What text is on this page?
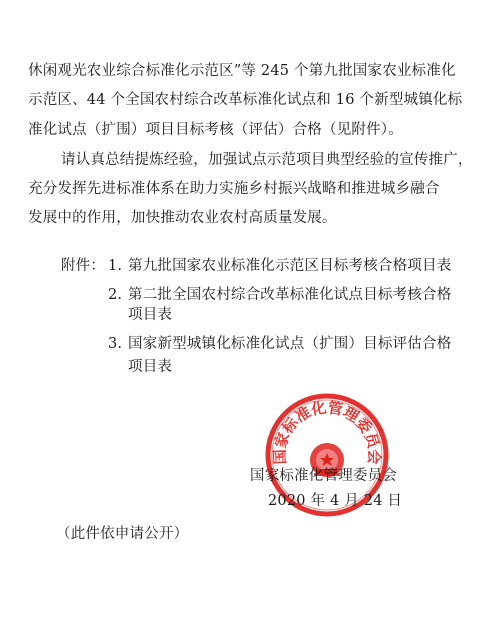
休闲观光农业综合标准化示范区”等 245 个第九批国家农业标准化
示范区、44 个全国农村综合改革标准化试点和 16 个新型城镇化标
准化试点（扩围）项目目标考核（评估）合格（见附件）。
请认真总结提炼经验，加强试点示范项目典型经验的宣传推广，
充分发挥先进标准体系在助力实施乡村振兴战略和推进城乡融合
发展中的作用，加快推动农业农村高质量发展。
附件： 1. 第九批国家农业标准化示范区目标考核合格项目表
2. 第二批全国农村综合改革标准化试点目标考核合格
项目表
3. 国家新型城镇化标准化试点（扩围）目标评估合格
项目表
国家标准化管理委员会
国家标准化管理委员会
2020 年 4 月 24 日
（此件依申请公开）
